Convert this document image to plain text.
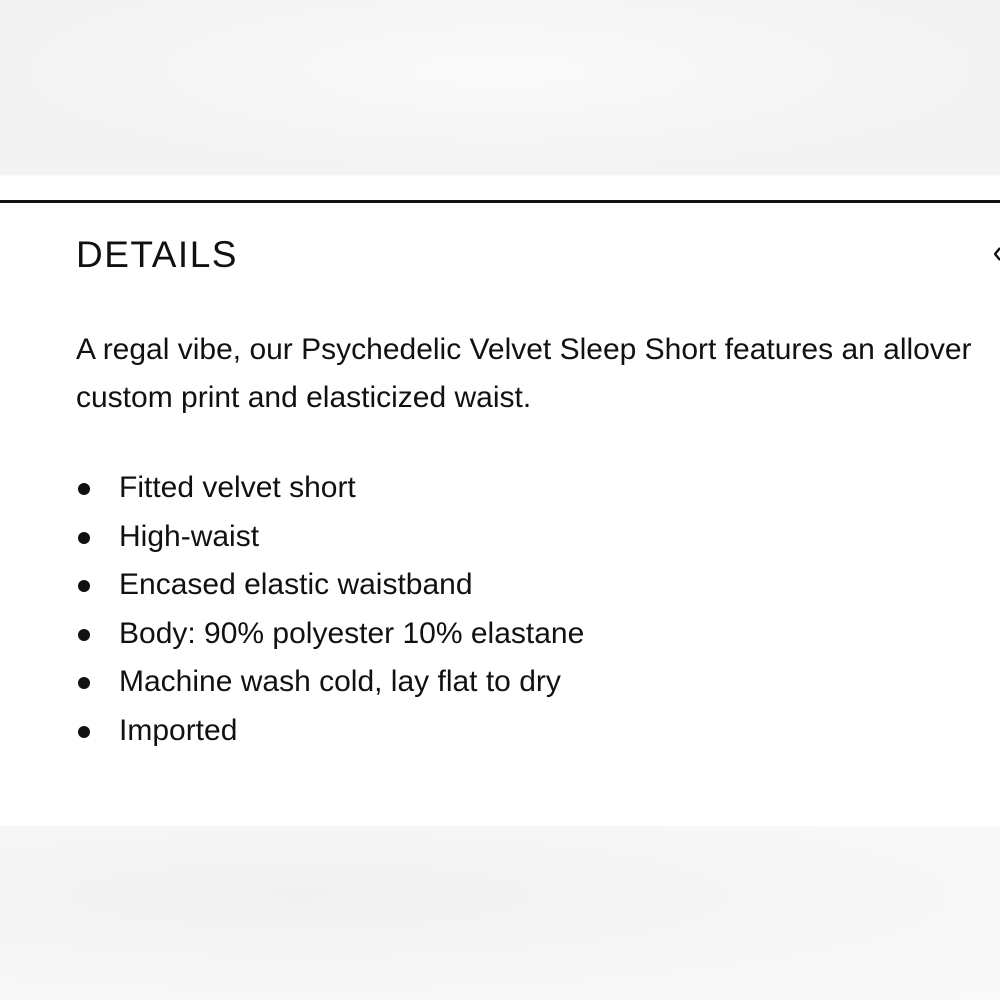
DETAILS

A regal vibe, our Psychedelic Velvet Sleep Short features an allover custom print and elasticized waist.

Fitted velvet short
High-waist
Encased elastic waistband
Body: 90% polyester 10% elastane
Machine wash cold, lay flat to dry
Imported
